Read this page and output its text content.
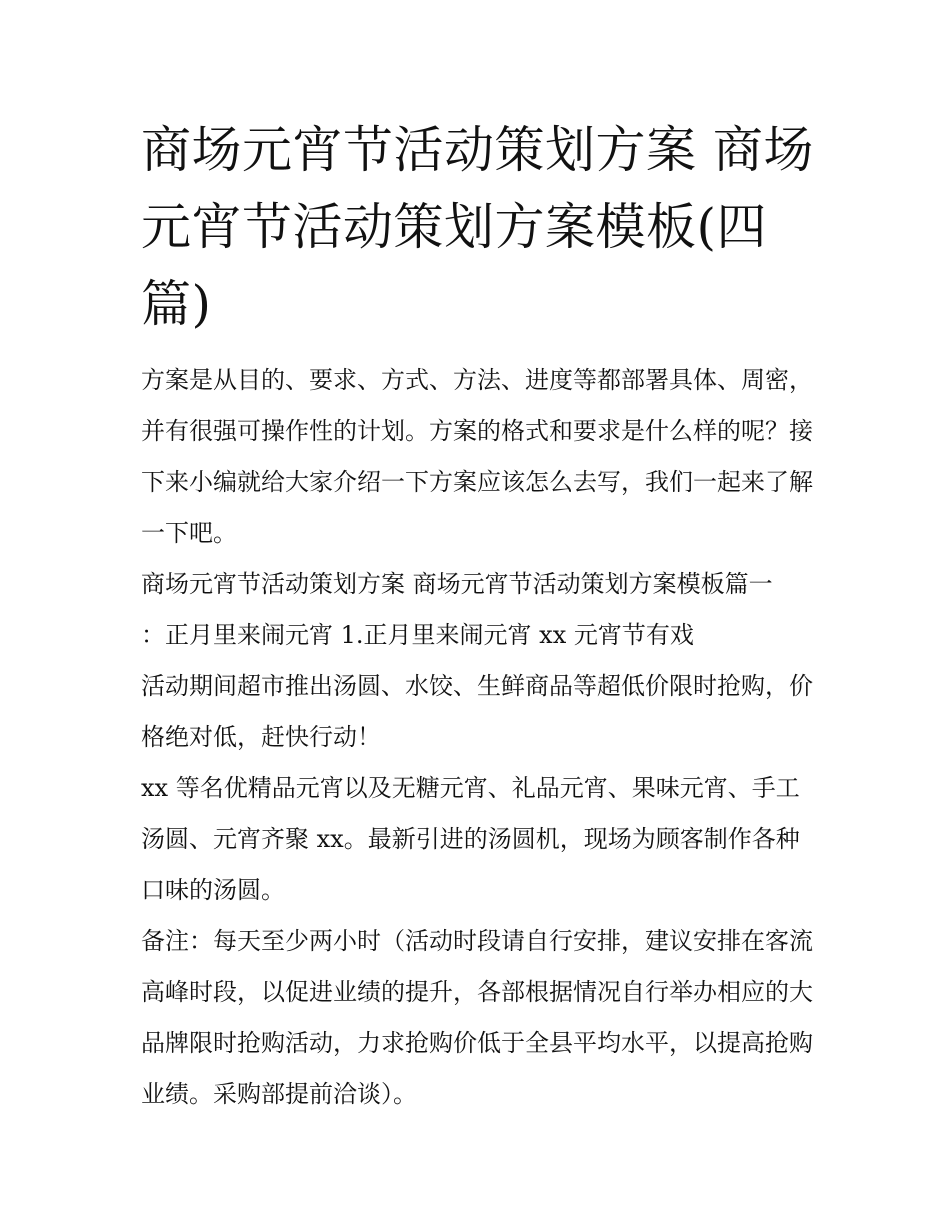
商场元宵节活动策划方案 商场
元宵节活动策划方案模板(四
篇)

方案是从目的、要求、方式、方法、进度等都部署具体、周密，并有很强可操作性的计划。方案的格式和要求是什么样的呢？接下来小编就给大家介绍一下方案应该怎么去写，我们一起来了解一下吧。

商场元宵节活动策划方案 商场元宵节活动策划方案模板篇一

：正月里来闹元宵 1.正月里来闹元宵 xx 元宵节有戏

活动期间超市推出汤圆、水饺、生鲜商品等超低价限时抢购，价格绝对低，赶快行动！

xx 等名优精品元宵以及无糖元宵、礼品元宵、果味元宵、手工汤圆、元宵齐聚 xx。最新引进的汤圆机，现场为顾客制作各种口味的汤圆。

备注：每天至少两小时（活动时段请自行安排，建议安排在客流高峰时段，以促进业绩的提升，各部根据情况自行举办相应的大品牌限时抢购活动，力求抢购价低于全县平均水平，以提高抢购业绩。采购部提前洽谈）。
